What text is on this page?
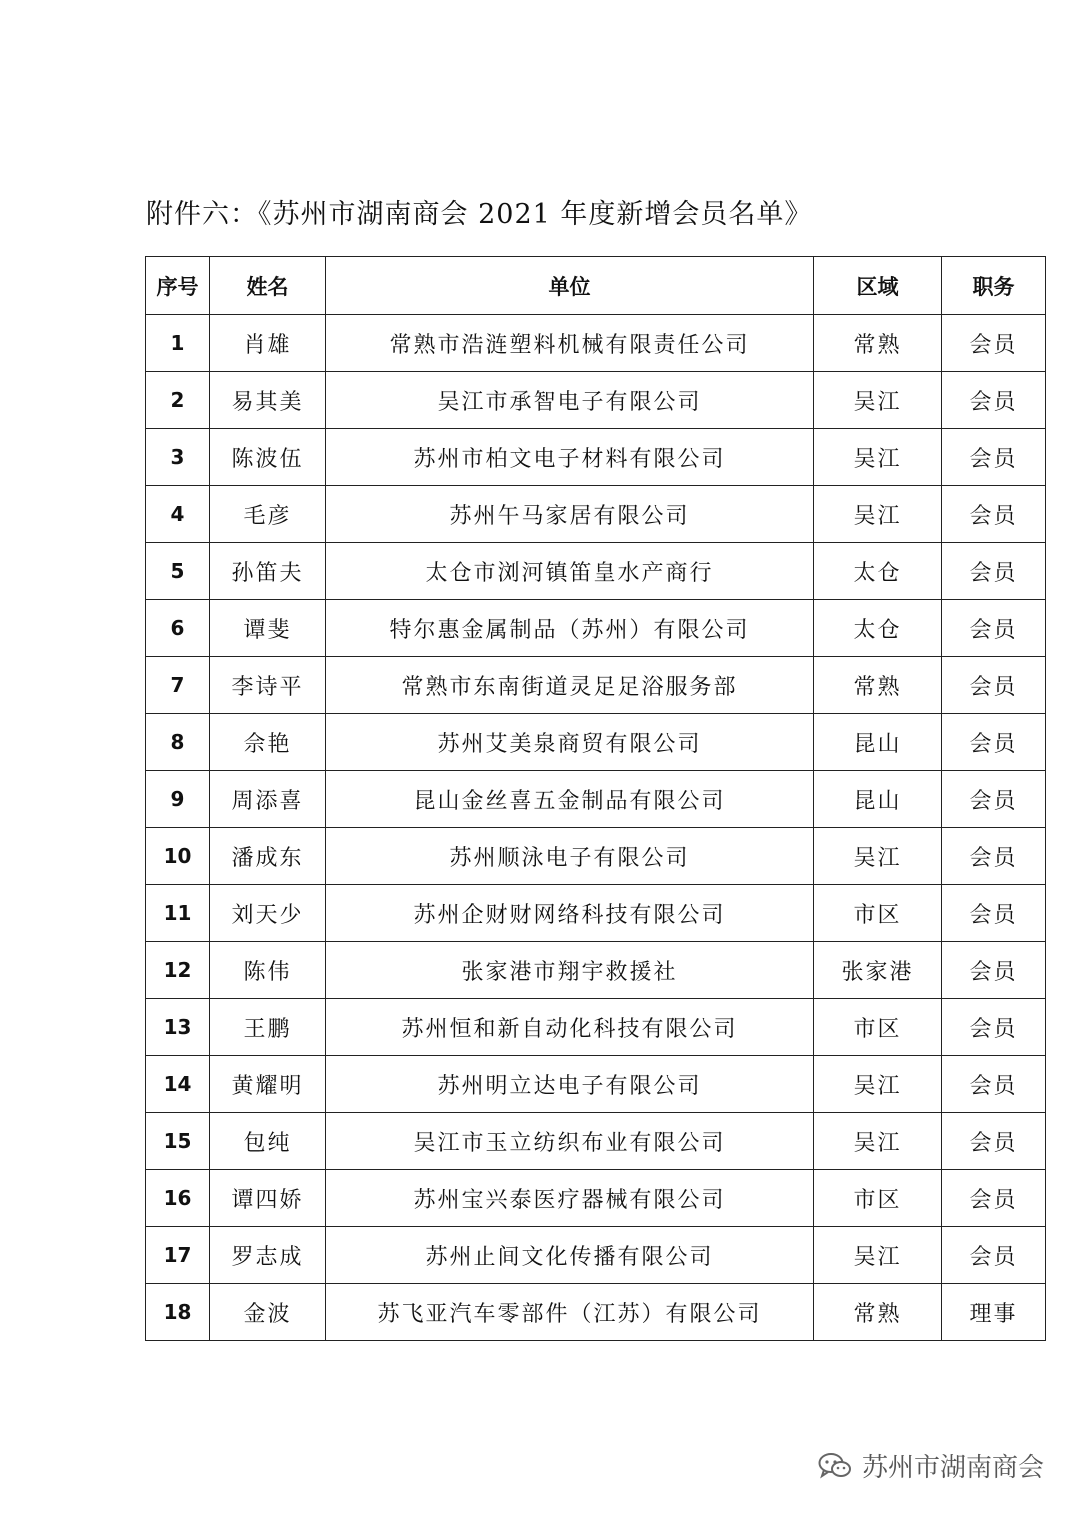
附件六：《苏州市湖南商会 2021 年度新增会员名单》
序号	姓名	单位	区域	职务
1	肖雄	常熟市浩涟塑料机械有限责任公司	常熟	会员
2	易其美	吴江市承智电子有限公司	吴江	会员
3	陈波伍	苏州市柏文电子材料有限公司	吴江	会员
4	毛彦	苏州午马家居有限公司	吴江	会员
5	孙笛夫	太仓市浏河镇笛皇水产商行	太仓	会员
6	谭斐	特尔惠金属制品（苏州）有限公司	太仓	会员
7	李诗平	常熟市东南街道灵足足浴服务部	常熟	会员
8	佘艳	苏州艾美泉商贸有限公司	昆山	会员
9	周添喜	昆山金丝喜五金制品有限公司	昆山	会员
10	潘成东	苏州顺泳电子有限公司	吴江	会员
11	刘天少	苏州企财财网络科技有限公司	市区	会员
12	陈伟	张家港市翔宇救援社	张家港	会员
13	王鹏	苏州恒和新自动化科技有限公司	市区	会员
14	黄耀明	苏州明立达电子有限公司	吴江	会员
15	包纯	吴江市玉立纺织布业有限公司	吴江	会员
16	谭四娇	苏州宝兴泰医疗器械有限公司	市区	会员
17	罗志成	苏州止间文化传播有限公司	吴江	会员
18	金波	苏飞亚汽车零部件（江苏）有限公司	常熟	理事
苏州市湖南商会
